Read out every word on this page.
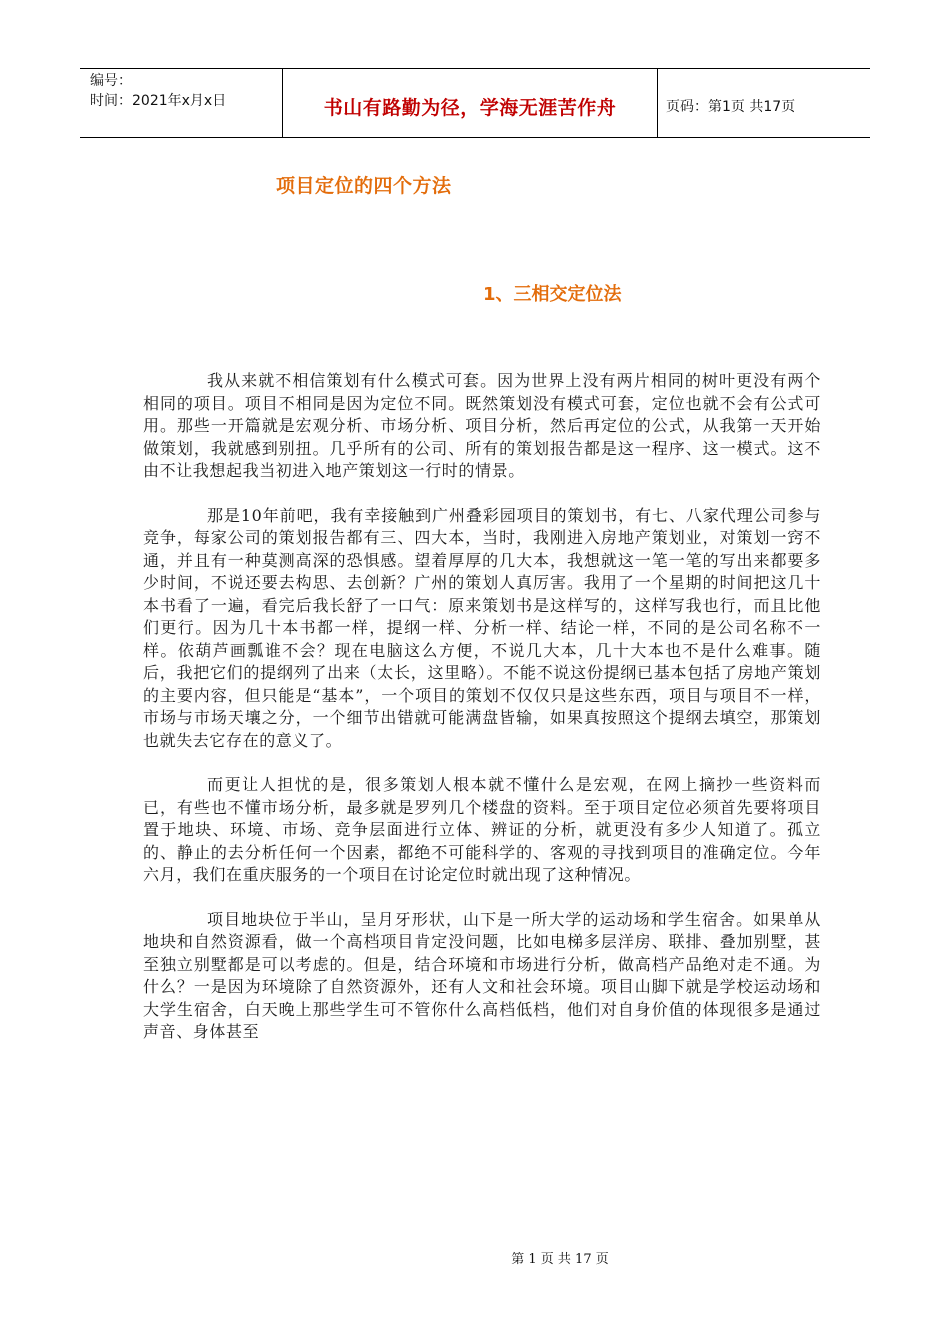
编号：
时间：2021年x月x日	书山有路勤为径，学海无涯苦作舟	页码：第1页 共17页
项目定位的四个方法
1、三相交定位法

我从来就不相信策划有什么模式可套。因为世界上没有两片相同的树叶更没有两个相同的项目。项目不相同是因为定位不同。既然策划没有模式可套，定位也就不会有公式可用。那些一开篇就是宏观分析、市场分析、项目分析，然后再定位的公式，从我第一天开始做策划，我就感到别扭。几乎所有的公司、所有的策划报告都是这一程序、这一模式。这不由不让我想起我当初进入地产策划这一行时的情景。

那是10年前吧，我有幸接触到广州叠彩园项目的策划书，有七、八家代理公司参与竞争，每家公司的策划报告都有三、四大本，当时，我刚进入房地产策划业，对策划一窍不通，并且有一种莫测高深的恐惧感。望着厚厚的几大本，我想就这一笔一笔的写出来都要多少时间，不说还要去构思、去创新？广州的策划人真厉害。我用了一个星期的时间把这几十本书看了一遍，看完后我长舒了一口气：原来策划书是这样写的，这样写我也行，而且比他们更行。因为几十本书都一样，提纲一样、分析一样、结论一样，不同的是公司名称不一样。依葫芦画瓢谁不会？现在电脑这么方便，不说几大本，几十大本也不是什么难事。随后，我把它们的提纲列了出来（太长，这里略）。不能不说这份提纲已基本包括了房地产策划的主要内容，但只能是“基本”，一个项目的策划不仅仅只是这些东西，项目与项目不一样，市场与市场天壤之分，一个细节出错就可能满盘皆输，如果真按照这个提纲去填空，那策划也就失去它存在的意义了。

而更让人担忧的是，很多策划人根本就不懂什么是宏观，在网上摘抄一些资料而已，有些也不懂市场分析，最多就是罗列几个楼盘的资料。至于项目定位必须首先要将项目置于地块、环境、市场、竞争层面进行立体、辨证的分析，就更没有多少人知道了。孤立的、静止的去分析任何一个因素，都绝不可能科学的、客观的寻找到项目的准确定位。今年六月，我们在重庆服务的一个项目在讨论定位时就出现了这种情况。

项目地块位于半山，呈月牙形状，山下是一所大学的运动场和学生宿舍。如果单从地块和自然资源看，做一个高档项目肯定没问题，比如电梯多层洋房、联排、叠加别墅，甚至独立别墅都是可以考虑的。但是，结合环境和市场进行分析，做高档产品绝对走不通。为什么？一是因为环境除了自然资源外，还有人文和社会环境。项目山脚下就是学校运动场和大学生宿舍，白天晚上那些学生可不管你什么高档低档，他们对自身价值的体现很多是通过声音、身体甚至

第 1 页 共 17 页
